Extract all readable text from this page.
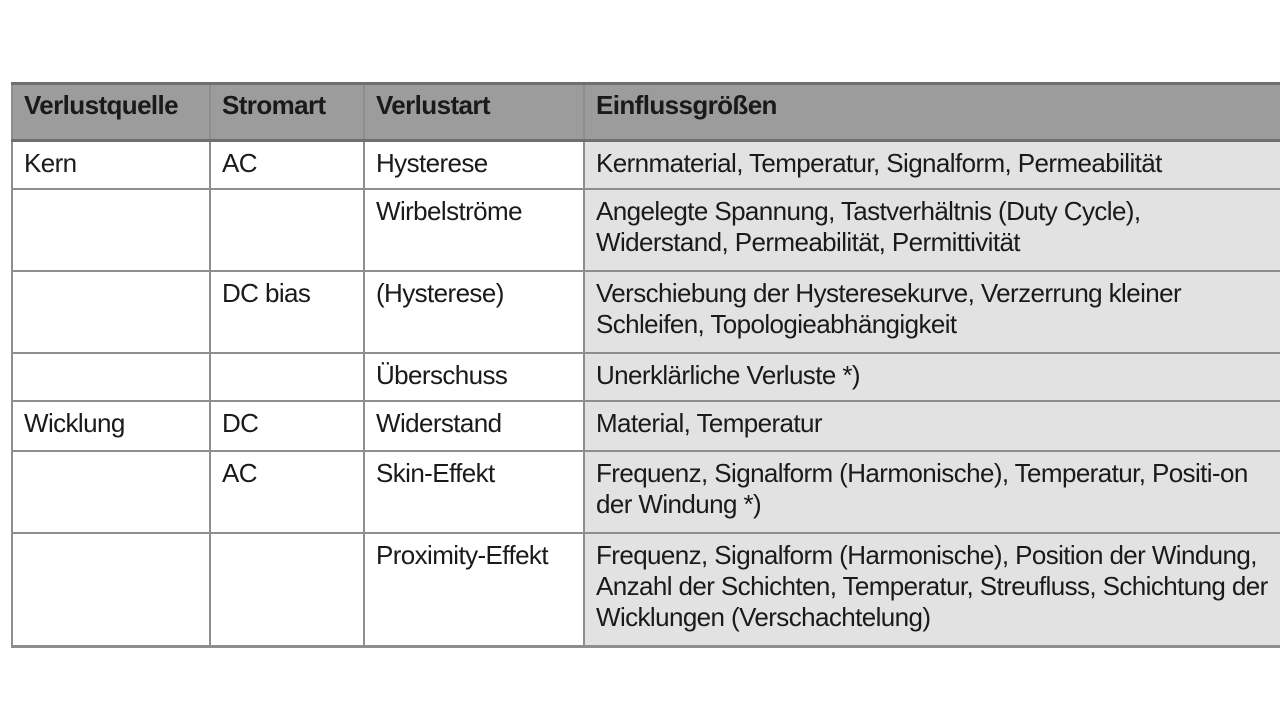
Verlustquelle	Stromart	Verlustart	Einflussgrößen
Kern	AC	Hysterese	Kernmaterial, Temperatur, Signalform, Permeabilität
		Wirbelströme	Angelegte Spannung, Tastverhältnis (Duty Cycle), Widerstand, Permeabilität, Permittivität
	DC bias	(Hysterese)	Verschiebung der Hysteresekurve, Verzerrung kleiner Schleifen, Topologieabhängigkeit
		Überschuss	Unerklärliche Verluste *)
Wicklung	DC	Widerstand	Material, Temperatur
	AC	Skin-Effekt	Frequenz, Signalform (Harmonische), Temperatur, Positi-on der Windung *)
		Proximity-Effekt	Frequenz, Signalform (Harmonische), Position der Windung, Anzahl der Schichten, Temperatur, Streufluss, Schichtung der Wicklungen (Verschachtelung)
